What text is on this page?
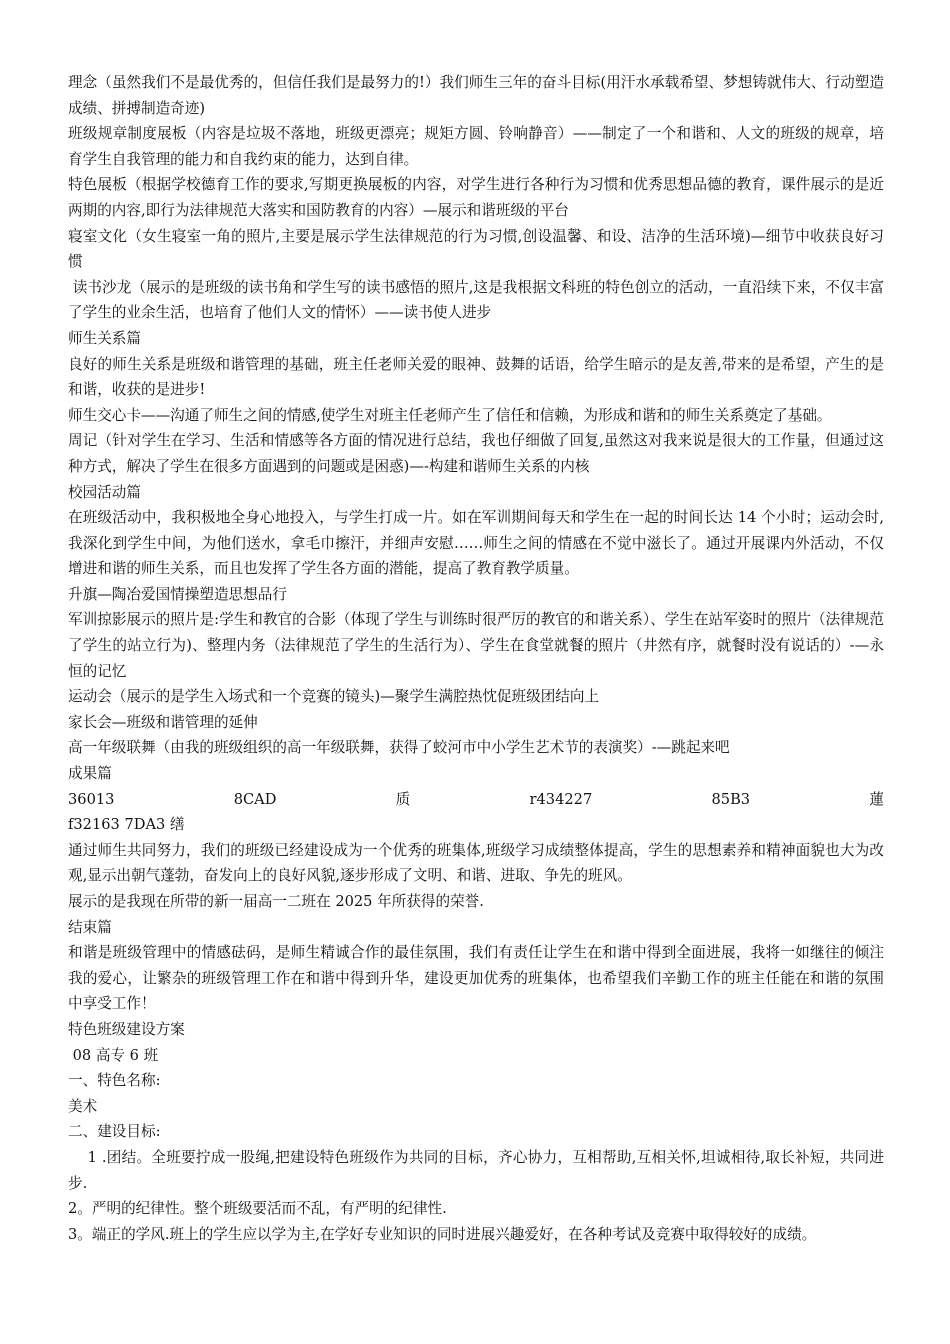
理念（虽然我们不是最优秀的，但信任我们是最努力的!）我们师生三年的奋斗目标(用汗水承载希望、梦想铸就伟大、行动塑造成绩、拼搏制造奇迹)

班级规章制度展板（内容是垃圾不落地，班级更漂亮；规矩方圆、铃响静音）——制定了一个和谐和、人文的班级的规章，培育学生自我管理的能力和自我约束的能力，达到自律。

特色展板（根据学校德育工作的要求,写期更换展板的内容，对学生进行各种行为习惯和优秀思想品德的教育，课件展示的是近两期的内容,即行为法律规范大落实和国防教育的内容）—展示和谐班级的平台

寝室文化（女生寝室一角的照片,主要是展示学生法律规范的行为习惯,创设温馨、和设、洁净的生活环境)—细节中收获良好习惯

读书沙龙（展示的是班级的读书角和学生写的读书感悟的照片,这是我根据文科班的特色创立的活动，一直沿续下来，不仅丰富了学生的业余生活，也培育了他们人文的情怀）——读书使人进步

师生关系篇

良好的师生关系是班级和谐管理的基础，班主任老师关爱的眼神、鼓舞的话语，给学生暗示的是友善,带来的是希望，产生的是和谐，收获的是进步!

师生交心卡——沟通了师生之间的情感,使学生对班主任老师产生了信任和信赖，为形成和谐和的师生关系奠定了基础。

周记（针对学生在学习、生活和情感等各方面的情况进行总结，我也仔细做了回复,虽然这对我来说是很大的工作量，但通过这种方式，解决了学生在很多方面遇到的问题或是困惑)—-构建和谐师生关系的内核

校园活动篇

在班级活动中，我积极地全身心地投入，与学生打成一片。如在军训期间每天和学生在一起的时间长达 14 个小时；运动会时,我深化到学生中间，为他们送水，拿毛巾擦汗，并细声安慰……师生之间的情感在不觉中滋长了。通过开展课内外活动，不仅增进和谐的师生关系，而且也发挥了学生各方面的潜能，提高了教育教学质量。

升旗—陶冶爱国情操塑造思想品行

军训掠影展示的照片是:学生和教官的合影（体现了学生与训练时很严厉的教官的和谐关系）、学生在站军姿时的照片（法律规范了学生的站立行为)、整理内务（法律规范了学生的生活行为）、学生在食堂就餐的照片（井然有序，就餐时没有说话的）-—永恒的记忆

运动会（展示的是学生入场式和一个竞赛的镜头)—聚学生满腔热忱促班级团结向上

家长会—班级和谐管理的延伸

高一年级联舞（由我的班级组织的高一年级联舞，获得了蛟河市中小学生艺术节的表演奖）-—跳起来吧

成果篇

36013	8CAD	质	r434227	85B3	蓮

f32163 7DA3 缮

通过师生共同努力，我们的班级已经建设成为一个优秀的班集体,班级学习成绩整体提高，学生的思想素养和精神面貌也大为改观,显示出朝气蓬勃，奋发向上的良好风貌,逐步形成了文明、和谐、进取、争先的班风。

展示的是我现在所带的新一届高一二班在 2025 年所获得的荣誉.

结束篇

和谐是班级管理中的情感砝码，是师生精诚合作的最佳氛围，我们有责任让学生在和谐中得到全面进展，我将一如继往的倾注我的爱心，让繁杂的班级管理工作在和谐中得到升华，建设更加优秀的班集体，也希望我们辛勤工作的班主任能在和谐的氛围中享受工作！

特色班级建设方案

08 高专 6 班

一、特色名称:

美术

二、建设目标:

1 .团结。全班要拧成一股绳,把建设特色班级作为共同的目标，齐心协力，互相帮助,互相关怀,坦诚相待,取长补短，共同进步.

2。严明的纪律性。整个班级要活而不乱，有严明的纪律性.

3。端正的学风.班上的学生应以学为主,在学好专业知识的同时进展兴趣爱好，在各种考试及竞赛中取得较好的成绩。
